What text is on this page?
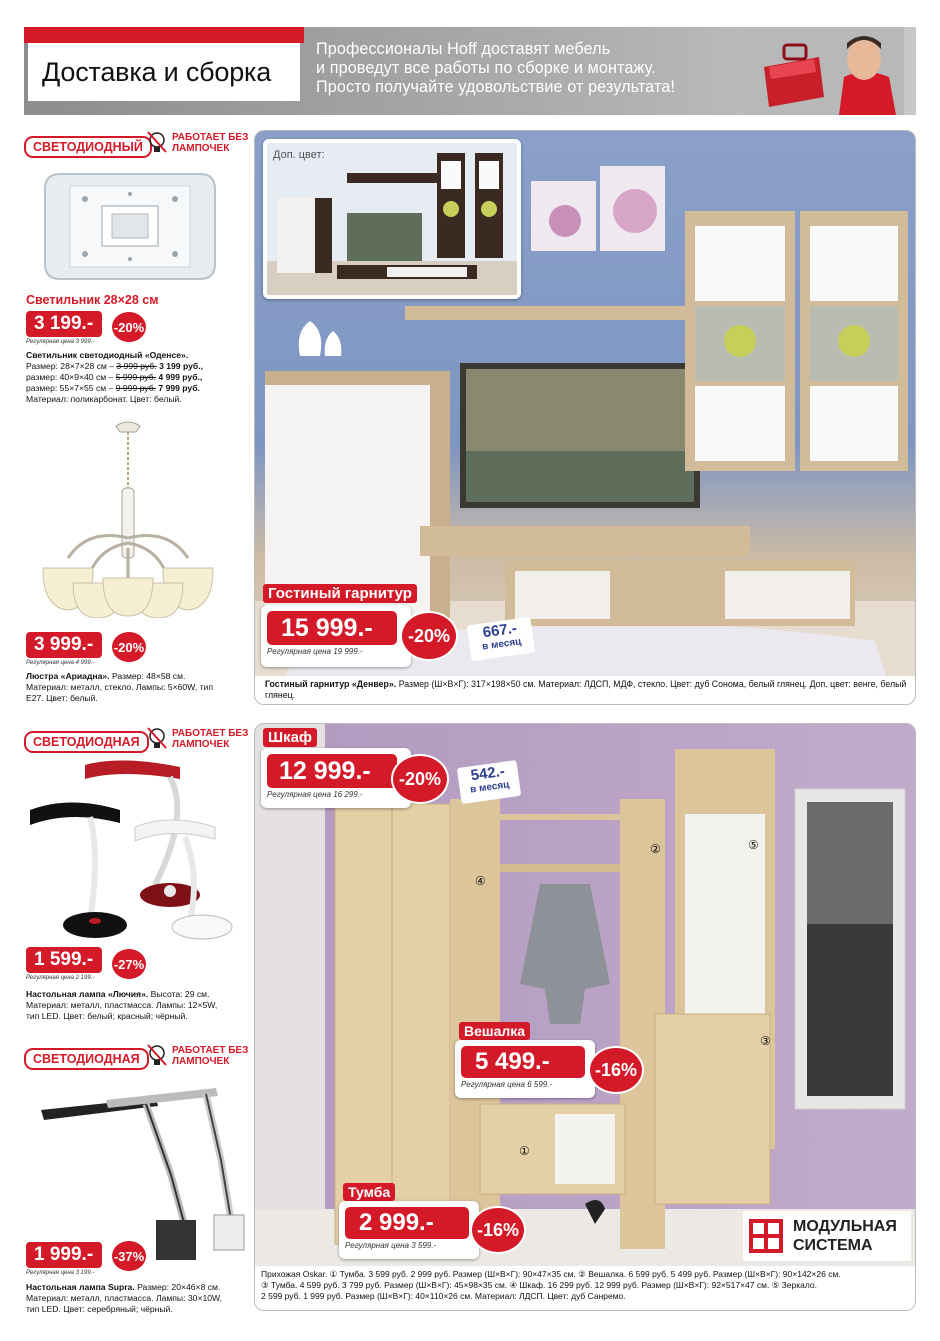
Доставка и сборка
Профессионалы Hoff доставят мебель
и проведут все работы по сборке и монтажу.
Просто получайте удовольствие от результата!
СВЕТОДИОДНЫЙ
РАБОТАЕТ БЕЗ
ЛАМПОЧЕК
Светильник 28×28 см
3 199.-
Регулярная цена 3 999.-
-20%
Светильник светодиодный «Оденсе».
Размер: 28×7×28 см – 3 999 руб. 3 199 руб.,
размер: 40×9×40 см – 5 999 руб. 4 999 руб.,
размер: 55×7×55 см – 9 999 руб. 7 999 руб.
Материал: поликарбонат. Цвет: белый.
3 999.-
Регулярная цена 4 999.-
-20%
Люстра «Ариадна». Размер: 48×58 см.
Материал: металл, стекло. Лампы: 5×60W, тип
E27. Цвет: белый.
СВЕТОДИОДНАЯ
РАБОТАЕТ БЕЗ
ЛАМПОЧЕК
1 599.-
Регулярная цена 2 199.-
-27%
Настольная лампа «Лючия». Высота: 29 см.
Материал: металл, пластмасса. Лампы: 12×5W,
тип LED. Цвет: белый; красный; чёрный.
СВЕТОДИОДНАЯ
РАБОТАЕТ БЕЗ
ЛАМПОЧЕК
1 999.-
Регулярная цена 3 199.-
-37%
Настольная лампа Supra. Размер: 20×46×8 см.
Материал: металл, пластмасса. Лампы: 30×10W,
тип LED. Цвет: серебряный; чёрный.
Доп. цвет:
Гостиный гарнитур
15 999.-
Регулярная цена 19 999.-
-20%	667.-
в месяц
Гостиный гарнитур «Денвер». Размер (Ш×В×Г): 317×198×50 см. Материал: ЛДСП, МДФ, стекло. Цвет: дуб Сонома, белый глянец. Доп. цвет: венге, белый глянец.
④
②	⑤
③
①
Шкаф
12 999.-
Регулярная цена 16 299.-
-20%	542.-
в месяц
Вешалка
5 499.-
Регулярная цена 6 599.-
-16%
Тумба
2 999.-
Регулярная цена 3 599.-
-16%	МОДУЛЬНАЯ
СИСТЕМА
Прихожая Oskar. ① Тумба. 3 599 руб. 2 999 руб. Размер (Ш×В×Г): 90×47×35 см. ② Вешалка. 6 599 руб. 5 499 руб. Размер (Ш×В×Г): 90×142×26 см.
③ Тумба. 4 599 руб. 3 799 руб. Размер (Ш×В×Г): 45×98×35 см. ④ Шкаф. 16 299 руб. 12 999 руб. Размер (Ш×В×Г): 92×517×47 см. ⑤ Зеркало.
2 599 руб. 1 999 руб. Размер (Ш×В×Г): 40×110×26 см. Материал: ЛДСП. Цвет: дуб Санремо.
